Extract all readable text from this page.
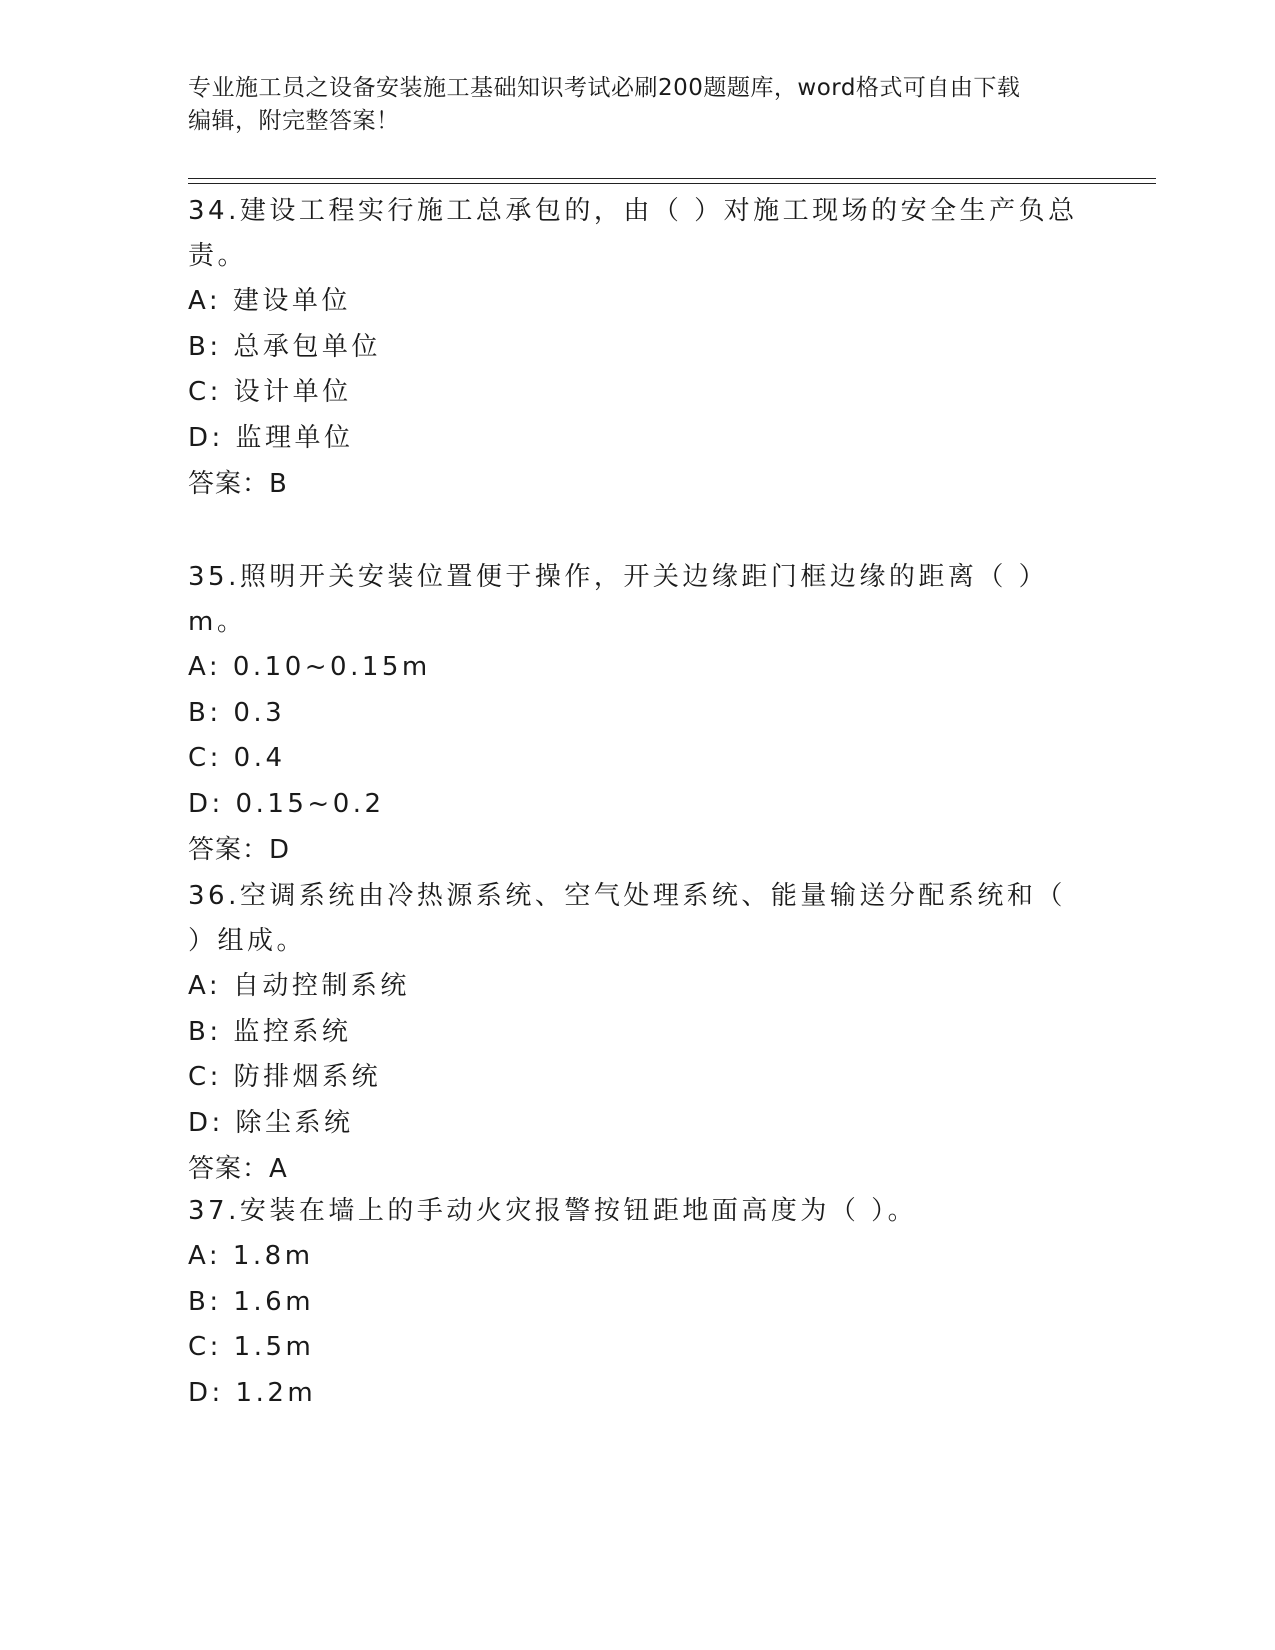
专业施工员之设备安装施工基础知识考试必刷200题题库，word格式可自由下载
编辑，附完整答案！

34.建设工程实行施工总承包的，由（ ）对施工现场的安全生产负总

责。

A: 建设单位

B: 总承包单位

C: 设计单位

D: 监理单位

答案：B

35.照明开关安装位置便于操作，开关边缘距门框边缘的距离（ ）m。

A: 0.10~0.15m

B: 0.3

C: 0.4

D: 0.15~0.2

答案：D

36.空调系统由冷热源系统、空气处理系统、能量输送分配系统和（

）组成。

A: 自动控制系统

B: 监控系统

C: 防排烟系统

D: 除尘系统

答案：A

37.安装在墙上的手动火灾报警按钮距地面高度为（ ）。

A: 1.8m

B: 1.6m

C: 1.5m

D: 1.2m
